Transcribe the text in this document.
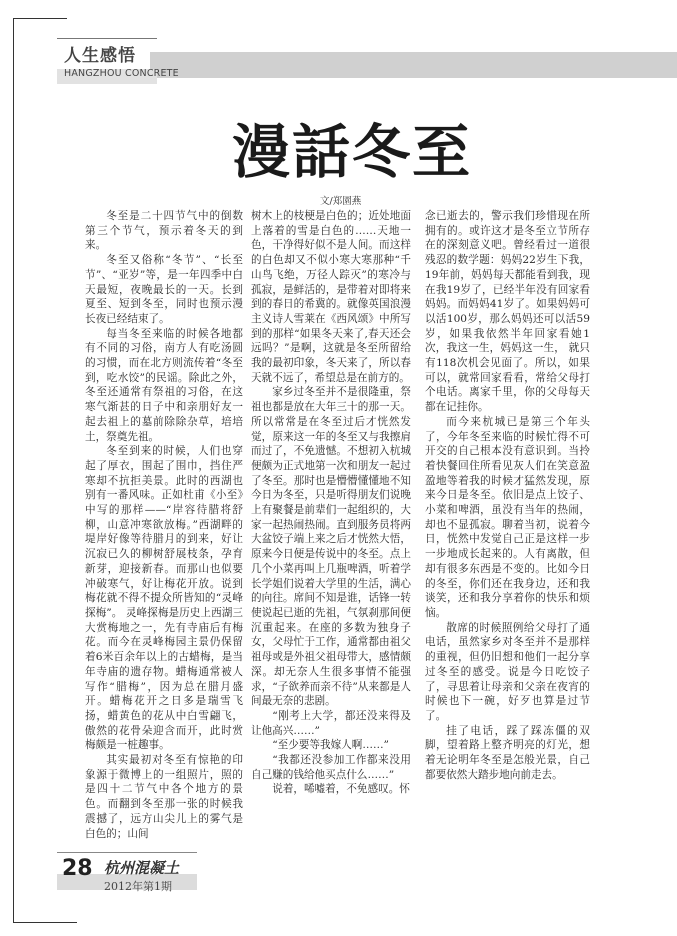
人生感悟
HANGZHOU CONCRETE
漫話冬至
文/郑園燕

冬至是二十四节气中的倒数第三个节气，预示着冬天的到来。

冬至又俗称“冬节”、“长至节”、“亚岁”等，是一年四季中白天最短，夜晚最长的一天。长到夏至、短到冬至，同时也预示漫长夜已经结束了。

每当冬至来临的时候各地都有不同的习俗，南方人有吃汤圆的习惯，而在北方则流传着“冬至到，吃水饺”的民谣。除此之外，冬至还通常有祭祖的习俗，在这寒气渐甚的日子中和亲朋好友一起去祖上的墓前除除杂草，培培土，祭奠先祖。

冬至到来的时候，人们也穿起了厚衣，围起了围巾，挡住严寒却不抗拒美景。此时的西湖也别有一番风味。正如杜甫《小至》中写的那样——“岸容待腊将舒柳，山意冲寒欲放梅。”西湖畔的堤岸好像等待腊月的到来，好让沉寂已久的柳树舒展枝条，孕育新芽，迎接新春。而那山也似要冲破寒气，好让梅花开放。说到梅花就不得不提众所皆知的“灵峰探梅”。 灵峰探梅是历史上西湖三大赏梅地之一，先有寺庙后有梅花。而今在灵峰梅园主景仍保留着6米百余年以上的古蜡梅，是当年寺庙的遗存物。蜡梅通常被人写作“腊梅”，因为总在腊月盛开。蜡梅花开之日多是瑞雪飞扬，蜡黄色的花从中白雪翩飞，傲然的花骨朵迎含而开，此时赏梅颇是一桩趣事。

其实最初对冬至有惊艳的印象源于微博上的一组照片，照的是四十二节气中各个地方的景色。而翻到冬至那一张的时候我震撼了，远方山尖儿上的雾气是白色的；山间

树木上的枝梗是白色的；近处地面上落着的雪是白色的……天地一色，干净得好似不是人间。而这样的白色却又不似小寒大寒那种“千山鸟飞绝，万径人踪灭”的寒冷与孤寂，是鲜活的，是带着对即将来到的春日的希冀的。就像英国浪漫主义诗人雪莱在《西风颂》中所写到的那样“如果冬天来了,春天还会远吗？”是啊，这就是冬至所留给我的最初印象，冬天来了，所以春天就不远了，希望总是在前方的。

家乡过冬至并不是很隆重，祭祖也都是放在大年三十的那一天。所以常常是在冬至过后才恍然发觉，原来这一年的冬至又与我擦肩而过了，不免遗憾。不想初入杭城便颇为正式地第一次和朋友一起过了冬至。那时也是懵懵懂懂地不知今日为冬至，只是听得朋友们说晚上有聚餐是前辈们一起组织的，大家一起热闹热闹。直到服务员将两大盆饺子端上来之后才恍然大悟，原来今日便是传说中的冬至。点上几个小菜再叫上几瓶啤酒，听着学长学姐们说着大学里的生活，满心的向往。席间不知是谁，话锋一转使说起已逝的先祖，气氛刹那间便沉重起来。在座的多数为独身子女，父母忙于工作，通常都由祖父祖母或是外祖父祖母带大，感情颇深。却无奈人生很多事情不能强求，“子欲养而亲不待”从来都是人间最无奈的悲剧。

“刚考上大学，都还没来得及让他高兴……”

“至少要等我嫁人啊……”

“我都还没参加工作都来没用自己赚的钱给他买点什么……”

说着，唏嘘着，不免感叹。怀

念已逝去的，警示我们珍惜现在所拥有的。或许这才是冬至立节所存在的深刻意义吧。曾经看过一道很残忍的数学题：妈妈22岁生下我，19年前，妈妈每天都能看到我，现在我19岁了，已经半年没有回家看妈妈。而妈妈41岁了。如果妈妈可以活100岁，那么妈妈还可以活59岁，如果我依然半年回家看她1次，我这一生，妈妈这一生， 就只有118次机会见面了。所以，如果可以，就常回家看看，常给父母打个电话。离家千里，你的父母每天都在记挂你。

而今来杭城已是第三个年头了，今年冬至来临的时候忙得不可开交的自己根本没有意识到。当拎着快餐回住所看见灰人们在笑意盈盈地等着我的时候才猛然发现，原来今日是冬至。依旧是点上饺子、小菜和啤酒，虽没有当年的热闹，却也不显孤寂。聊着当初，说着今日，恍然中发觉自己正是这样一步一步地成长起来的。人有离散，但却有很多东西是不变的。比如今日的冬至，你们还在我身边，还和我谈笑，还和我分享着你的快乐和烦恼。

散席的时候照例给父母打了通电话，虽然家乡对冬至并不是那样的重视，但仍旧想和他们一起分享过冬至的感受。说是今日吃饺子了，寻思着让母亲和父亲在夜宵的时候也下一碗，好歹也算是过节了。

挂了电话，踩了踩冻僵的双脚，望着路上整齐明亮的灯光，想着无论明年冬至是怎般光景，自己都要依然大踏步地向前走去。

28 杭州混凝土
2012年第1期
